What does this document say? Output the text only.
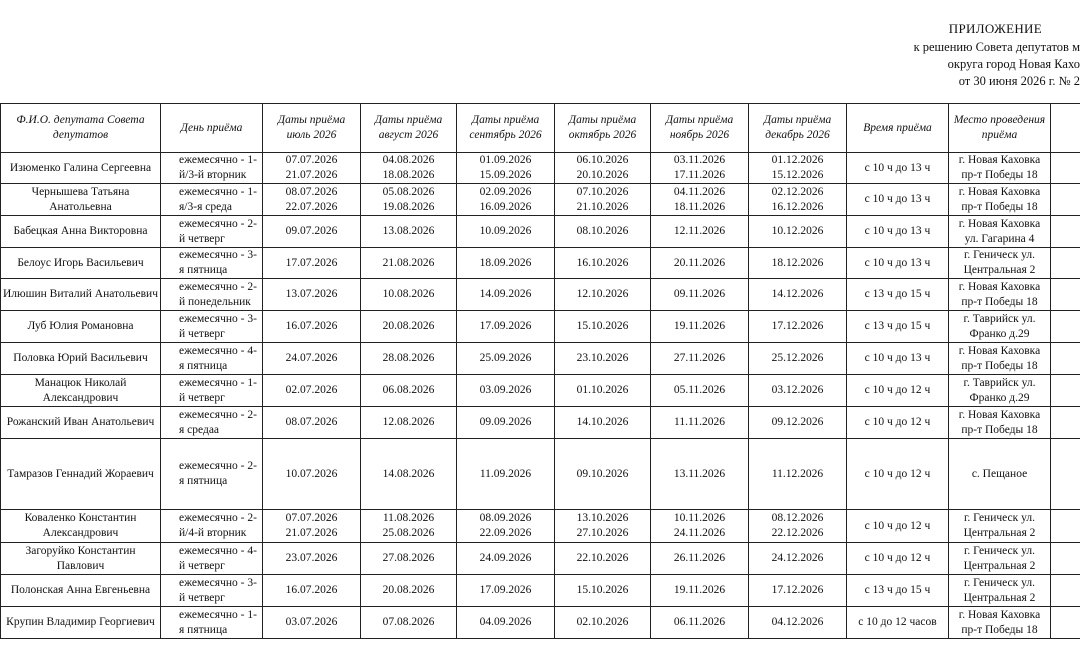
ПРИЛОЖЕНИЕ
к решению Совета депутатов м
округа город Новая Кахо
от 30 июня 2026 г. № 2
Ф.И.О. депутата Совета депутатов	День приёма	Даты приёма июль 2026	Даты приёма август 2026	Даты приёма сентябрь 2026	Даты приёма октябрь 2026	Даты приёма ноябрь 2026	Даты приёма декабрь 2026	Время приёма	Место проведения приёма	
Изюменко Галина Сергеевна	ежемесячно - 1-й/3-й вторник	07.07.2026 21.07.2026	04.08.2026 18.08.2026	01.09.2026 15.09.2026	06.10.2026 20.10.2026	03.11.2026 17.11.2026	01.12.2026 15.12.2026	с 10 ч до 13 ч	г. Новая Каховка пр-т Победы 18	
Чернышева Татьяна Анатольевна	ежемесячно - 1-я/3-я среда	08.07.2026 22.07.2026	05.08.2026 19.08.2026	02.09.2026 16.09.2026	07.10.2026 21.10.2026	04.11.2026 18.11.2026	02.12.2026 16.12.2026	с 10 ч до 13 ч	г. Новая Каховка пр-т Победы 18	
Бабецкая Анна Викторовна	ежемесячно - 2-й четверг	09.07.2026	13.08.2026	10.09.2026	08.10.2026	12.11.2026	10.12.2026	с 10 ч до 13 ч	г. Новая Каховка ул. Гагарина 4	
Белоус Игорь Васильевич	ежемесячно - 3-я пятница	17.07.2026	21.08.2026	18.09.2026	16.10.2026	20.11.2026	18.12.2026	с 10 ч до 13 ч	г. Геническ ул. Центральная 2	
Илюшин Виталий Анатольевич	ежемесячно - 2-й понедельник	13.07.2026	10.08.2026	14.09.2026	12.10.2026	09.11.2026	14.12.2026	с 13 ч до 15 ч	г. Новая Каховка пр-т Победы 18	
Луб Юлия Романовна	ежемесячно - 3-й четверг	16.07.2026	20.08.2026	17.09.2026	15.10.2026	19.11.2026	17.12.2026	с 13 ч до 15 ч	г. Таврийск ул. Франко д.29	
Половка Юрий Васильевич	ежемесячно - 4-я пятница	24.07.2026	28.08.2026	25.09.2026	23.10.2026	27.11.2026	25.12.2026	с 10 ч до 13 ч	г. Новая Каховка пр-т Победы 18	
Манацюк Николай Александрович	ежемесячно - 1-й четверг	02.07.2026	06.08.2026	03.09.2026	01.10.2026	05.11.2026	03.12.2026	с 10 ч до 12 ч	г. Таврийск ул. Франко д.29	
Рожанский Иван Анатольевич	ежемесячно - 2-я средаа	08.07.2026	12.08.2026	09.09.2026	14.10.2026	11.11.2026	09.12.2026	с 10 ч до 12 ч	г. Новая Каховка пр-т Победы 18	
Тамразов Геннадий Жораевич	ежемесячно - 2-я пятница	10.07.2026	14.08.2026	11.09.2026	09.10.2026	13.11.2026	11.12.2026	с 10 ч до 12 ч	с. Пещаное	
Коваленко Константин Александрович	ежемесячно - 2-й/4-й вторник	07.07.2026 21.07.2026	11.08.2026 25.08.2026	08.09.2026 22.09.2026	13.10.2026 27.10.2026	10.11.2026 24.11.2026	08.12.2026 22.12.2026	с 10 ч до 12 ч	г. Геническ ул. Центральная 2	
Загоруйко Константин Павлович	ежемесячно - 4-й четверг	23.07.2026	27.08.2026	24.09.2026	22.10.2026	26.11.2026	24.12.2026	с 10 ч до 12 ч	г. Геническ ул. Центральная 2	
Полонская Анна Евгеньевна	ежемесячно - 3-й четверг	16.07.2026	20.08.2026	17.09.2026	15.10.2026	19.11.2026	17.12.2026	с 13 ч до 15 ч	г. Геническ ул. Центральная 2	
Крупин Владимир Георгиевич	ежемесячно - 1-я пятница	03.07.2026	07.08.2026	04.09.2026	02.10.2026	06.11.2026	04.12.2026	с 10 до 12 часов	г. Новая Каховка пр-т Победы 18	
